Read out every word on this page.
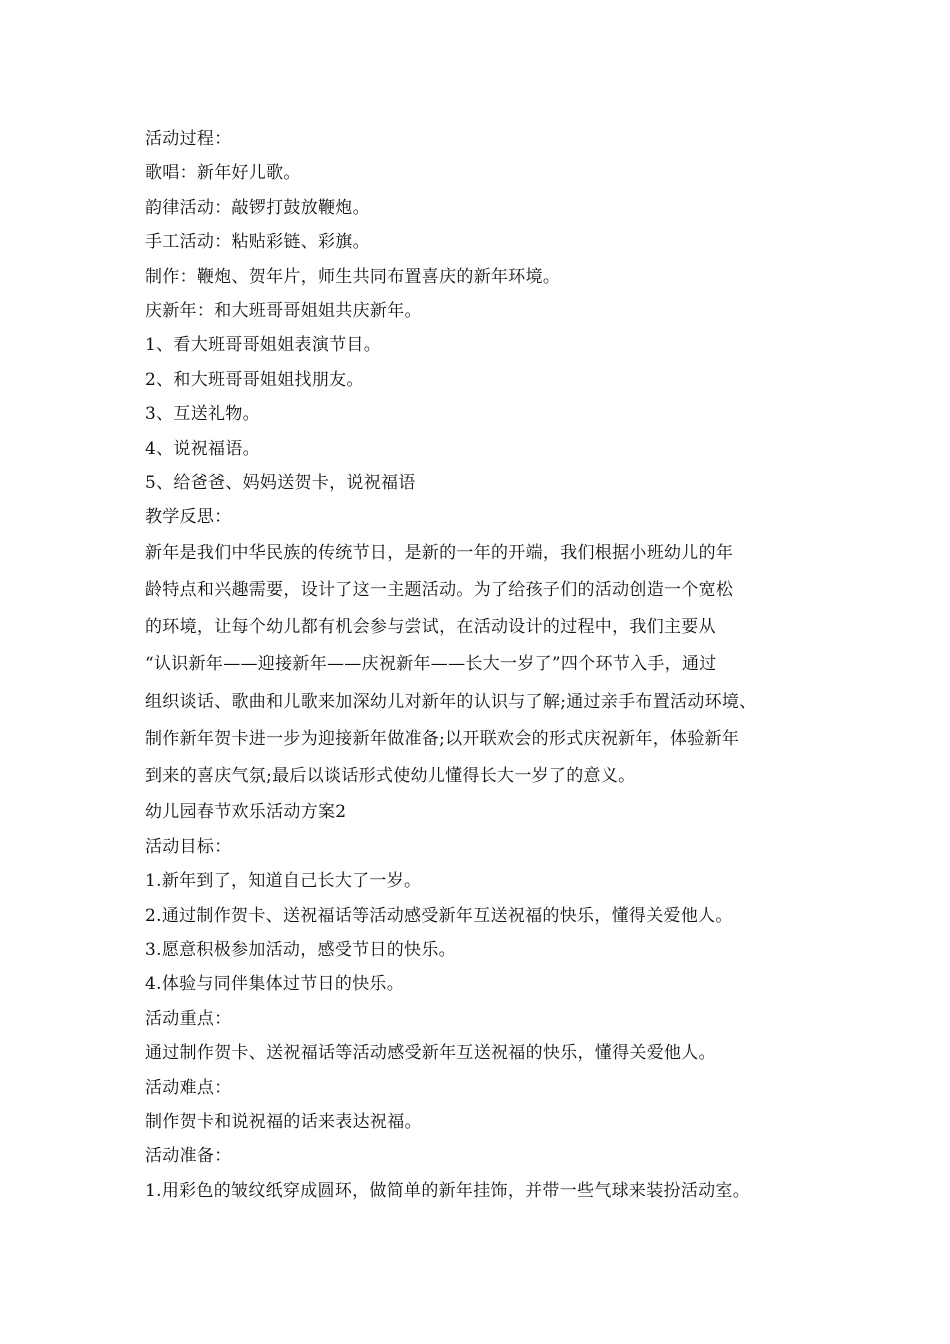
活动过程：
歌唱：新年好儿歌。
韵律活动：敲锣打鼓放鞭炮。
手工活动：粘贴彩链、彩旗。
制作：鞭炮、贺年片，师生共同布置喜庆的新年环境。
庆新年：和大班哥哥姐姐共庆新年。
1、看大班哥哥姐姐表演节目。
2、和大班哥哥姐姐找朋友。
3、互送礼物。
4、说祝福语。
5、给爸爸、妈妈送贺卡，说祝福语
教学反思：
新年是我们中华民族的传统节日，是新的一年的开端，我们根据小班幼儿的年
龄特点和兴趣需要，设计了这一主题活动。为了给孩子们的活动创造一个宽松
的环境，让每个幼儿都有机会参与尝试，在活动设计的过程中，我们主要从
“认识新年——迎接新年——庆祝新年——长大一岁了”四个环节入手，通过
组织谈话、歌曲和儿歌来加深幼儿对新年的认识与了解;通过亲手布置活动环境、
制作新年贺卡进一步为迎接新年做准备;以开联欢会的形式庆祝新年，体验新年
到来的喜庆气氛;最后以谈话形式使幼儿懂得长大一岁了的意义。
幼儿园春节欢乐活动方案2
活动目标：
1.新年到了，知道自己长大了一岁。
2.通过制作贺卡、送祝福话等活动感受新年互送祝福的快乐，懂得关爱他人。
3.愿意积极参加活动，感受节日的快乐。
4.体验与同伴集体过节日的快乐。
活动重点：
通过制作贺卡、送祝福话等活动感受新年互送祝福的快乐，懂得关爱他人。
活动难点：
制作贺卡和说祝福的话来表达祝福。
活动准备：
1.用彩色的皱纹纸穿成圆环，做简单的新年挂饰，并带一些气球来装扮活动室。
